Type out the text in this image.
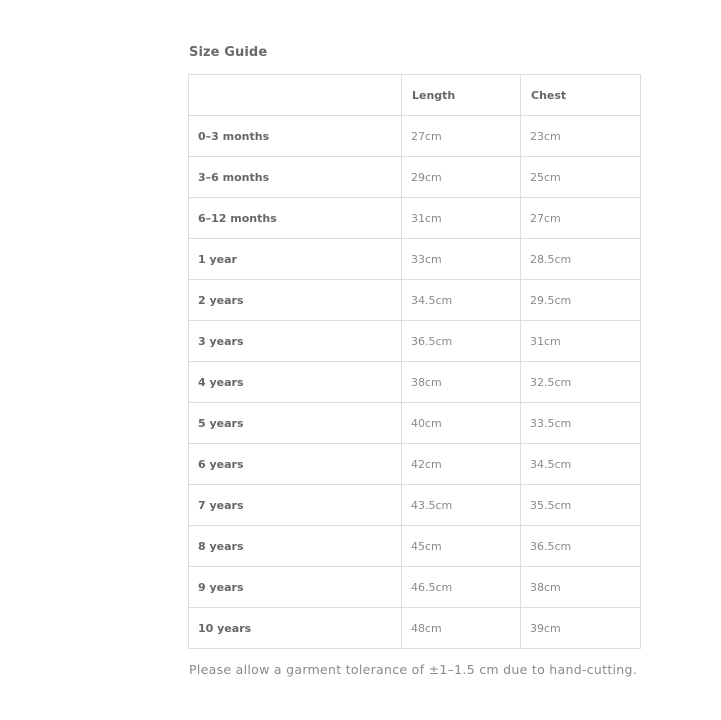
Size Guide
	Length	Chest
0–3 months	27cm	23cm
3–6 months	29cm	25cm
6–12 months	31cm	27cm
1 year	33cm	28.5cm
2 years	34.5cm	29.5cm
3 years	36.5cm	31cm
4 years	38cm	32.5cm
5 years	40cm	33.5cm
6 years	42cm	34.5cm
7 years	43.5cm	35.5cm
8 years	45cm	36.5cm
9 years	46.5cm	38cm
10 years	48cm	39cm
Please allow a garment tolerance of ±1–1.5 cm due to hand-cutting.
